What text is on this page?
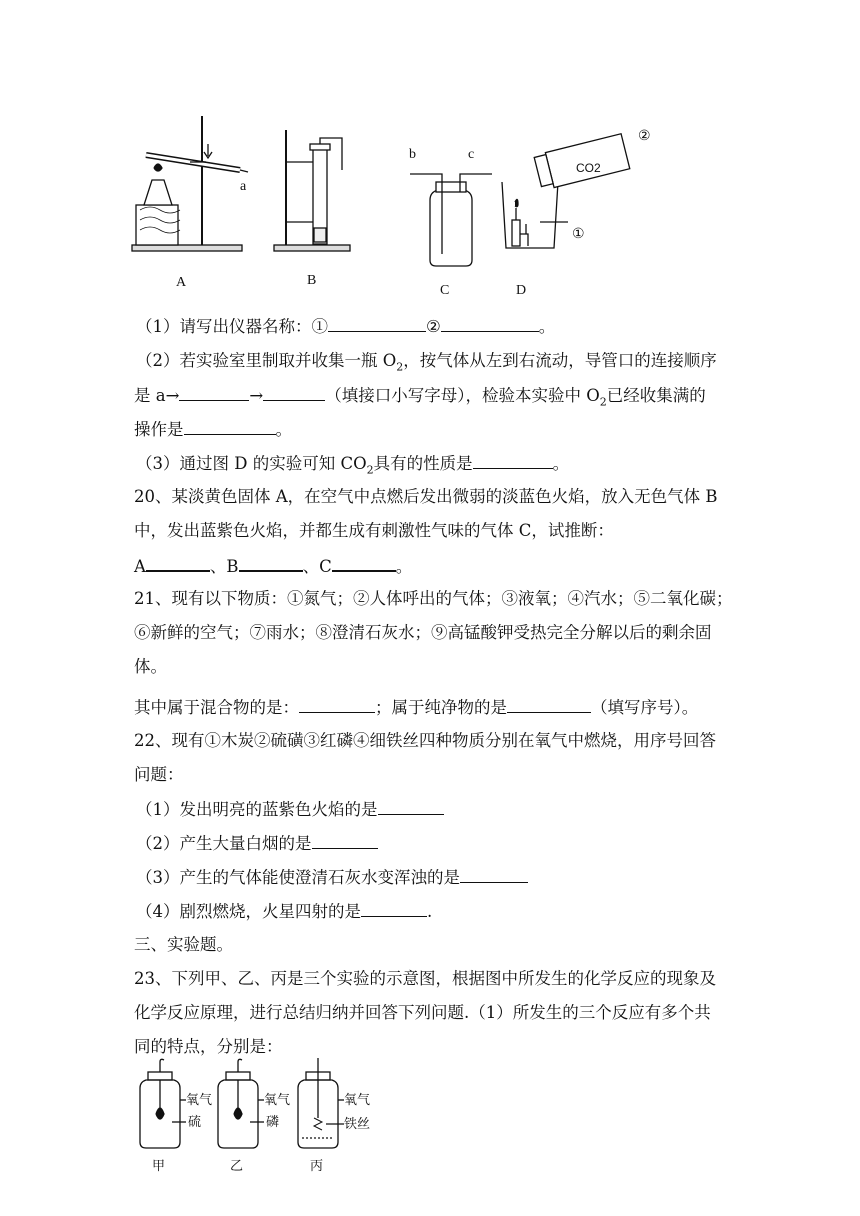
a
A	B
b	c
C
CO2
②
①
D
（1）请写出仪器名称：①	②	。
（2）若实验室里制取并收集一瓶 $O_2$，按气体从左到右流动，导管口的连接顺序
是 a→	→	（填接口小写字母），检验本实验中 $O_2$已经收集满的
操作是	。
（3）通过图 D 的实验可知 $CO_2$具有的性质是	。
20、某淡黄色固体 A，在空气中点燃后发出微弱的淡蓝色火焰，放入无色气体 B
中，发出蓝紫色火焰，并都生成有刺激性气味的气体 C，试推断：
A	、B	、C	。
21、现有以下物质：①氮气；②人体呼出的气体；③液氧；④汽水；⑤二氧化碳；
⑥新鲜的空气；⑦雨水；⑧澄清石灰水；⑨高锰酸钾受热完全分解以后的剩余固
体。
其中属于混合物的是：	；属于纯净物的是	（填写序号）。
22、现有①木炭②硫磺③红磷④细铁丝四种物质分别在氧气中燃烧，用序号回答
问题：
（1）发出明亮的蓝紫色火焰的是
（2）产生大量白烟的是
（3）产生的气体能使澄清石灰水变浑浊的是
（4）剧烈燃烧，火星四射的是	.
三、实验题。
23、下列甲、乙、丙是三个实验的示意图，根据图中所发生的化学反应的现象及
化学反应原理，进行总结归纳并回答下列问题.（1）所发生的三个反应有多个共
同的特点，分别是：
氧气
硫
甲
氧气
磷
乙
氧气
铁丝
丙
